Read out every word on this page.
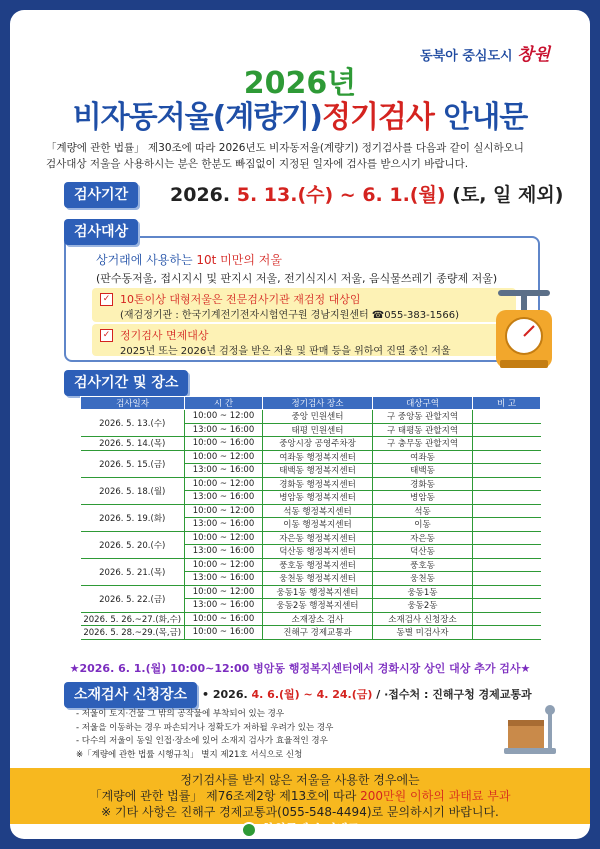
동북아 중심도시 창원
2026년
비자동저울(계량기)정기검사 안내문
「계량에 관한 법률」 제30조에 따라 2026년도 비자동저울(계량기) 정기검사를 다음과 같이 실시하오니
검사대상 저울을 사용하시는 분은 한분도 빠짐없이 지정된 일자에 검사를 받으시기 바랍니다.
검사기간	2026. 5. 13.(수) ~ 6. 1.(월) (토, 일 제외)
상거래에 사용하는 10t 미만의 저울
(판수동저울, 접시지시 및 판지시 저울, 전기식지시 저울, 음식물쓰레기 종량제 저울)
✓ 10톤이상 대형저울은 전문검사기관 재검정 대상임
(재검정기관 : 한국기계전기전자시험연구원 경남지원센터 ☎055-383-1566)
✓ 정기검사 면제대상
2025년 또는 2026년 검정을 받은 저울 및 판매 등을 위하여 진열 중인 저울
검사대상
검사기간 및 장소
검사일자	시 간	정기검사 장소	대상구역	비 고
2026. 5. 13.(수)	10:00 ~ 12:00	중앙 민원센터	구 중앙동 관할지역	
	13:00 ~ 16:00	태평 민원센터	구 태평동 관할지역	
2026. 5. 14.(목)	10:00 ~ 16:00	중앙시장 공영주차장	구 충무동 관할지역	
2026. 5. 15.(금)	10:00 ~ 12:00	여좌동 행정복지센터	여좌동	
	13:00 ~ 16:00	태백동 행정복지센터	태백동	
2026. 5. 18.(월)	10:00 ~ 12:00	경화동 행정복지센터	경화동	
	13:00 ~ 16:00	병암동 행정복지센터	병암동	
2026. 5. 19.(화)	10:00 ~ 12:00	석동 행정복지센터	석동	
	13:00 ~ 16:00	이동 행정복지센터	이동	
2026. 5. 20.(수)	10:00 ~ 12:00	자은동 행정복지센터	자은동	
	13:00 ~ 16:00	덕산동 행정복지센터	덕산동	
2026. 5. 21.(목)	10:00 ~ 12:00	풍호동 행정복지센터	풍호동	
	13:00 ~ 16:00	웅천동 행정복지센터	웅천동	
2026. 5. 22.(금)	10:00 ~ 12:00	웅동1동 행정복지센터	웅동1동	
	13:00 ~ 16:00	웅동2동 행정복지센터	웅동2동	
2026. 5. 26.~27.(화,수)	10:00 ~ 16:00	소재장소 검사	소재검사 신청장소	
2026. 5. 28.~29.(목,금)	10:00 ~ 16:00	진해구 경제교통과	동별 미검사자	
★2026. 6. 1.(월) 10:00~12:00 병암동 행정복지센터에서 경화시장 상인 대상 추가 검사★
소재검사 신청장소	• 2026. 4. 6.(월) ~ 4. 24.(금) / ·접수처 : 진해구청 경제교통과
- 저울이 토지·건물 그 밖의 공작물에 부착되어 있는 경우
- 저울을 이동하는 경우 파손되거나 정확도가 저하될 우려가 있는 경우
- 다수의 저울이 동일 인접·장소에 있어 소재지 검사가 효율적인 경우
※「계량에 관한 법률 시행규칙」 별지 제21호 서식으로 신청
정기검사를 받지 않은 저울을 사용한 경우에는
「계량에 관한 법률」 제76조제2항 제13호에 따라 200만원 이하의 과태료 부과
※ 기타 사항은 진해구 경제교통과(055-548-4494)로 문의하시기 바랍니다.
창원특례시 진해구
